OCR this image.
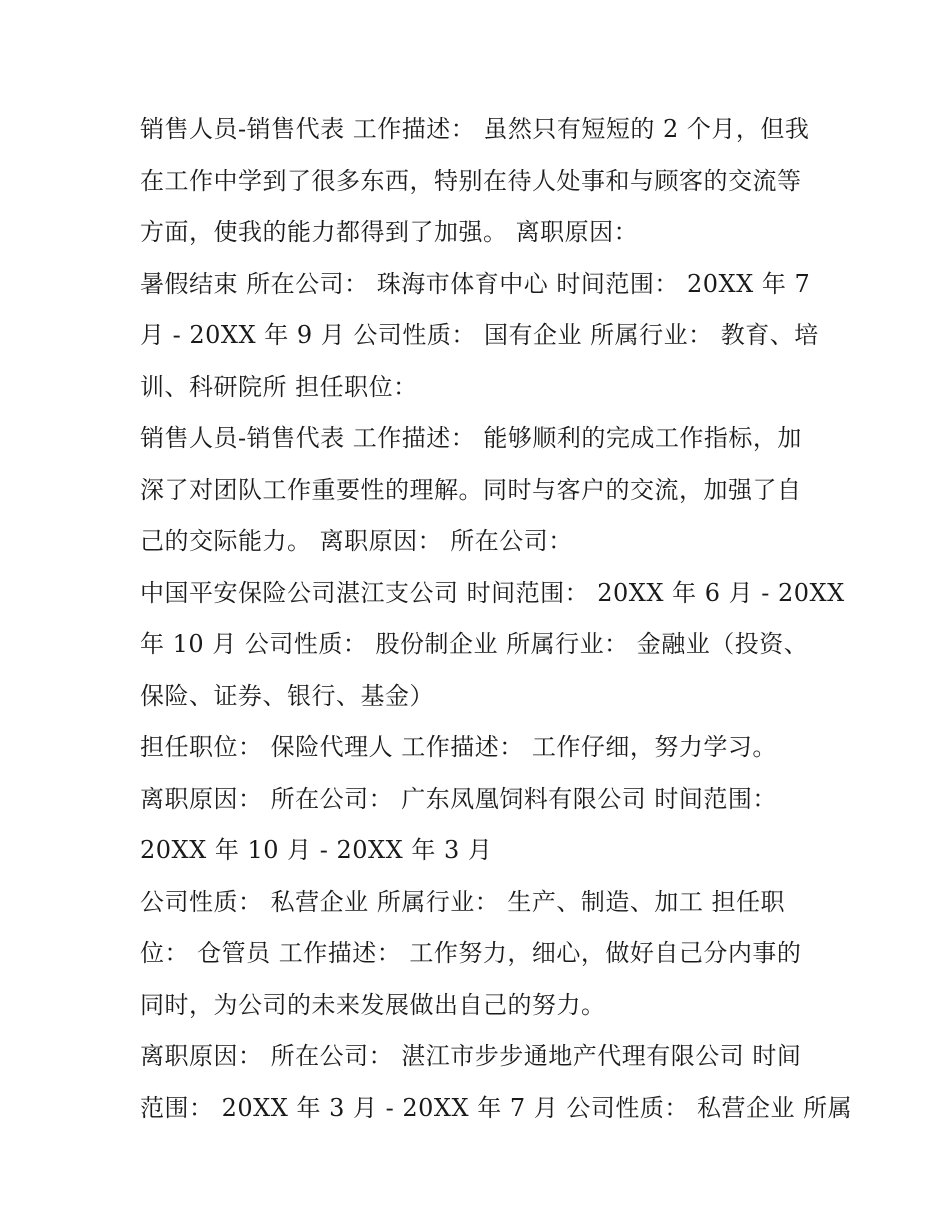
销售人员-销售代表 工作描述： 虽然只有短短的 2 个月，但我
在工作中学到了很多东西，特别在待人处事和与顾客的交流等
方面，使我的能力都得到了加强。 离职原因：
暑假结束 所在公司： 珠海市体育中心 时间范围： 20XX 年 7
月 - 20XX 年 9 月 公司性质： 国有企业 所属行业： 教育、培
训、科研院所 担任职位：
销售人员-销售代表 工作描述： 能够顺利的完成工作指标，加
深了对团队工作重要性的理解。同时与客户的交流，加强了自
己的交际能力。 离职原因： 所在公司：
中国平安保险公司湛江支公司 时间范围： 20XX 年 6 月 - 20XX
年 10 月 公司性质： 股份制企业 所属行业： 金融业（投资、
保险、证券、银行、基金）
担任职位： 保险代理人 工作描述： 工作仔细，努力学习。
离职原因： 所在公司： 广东凤凰饲料有限公司 时间范围：
20XX 年 10 月 - 20XX 年 3 月
公司性质： 私营企业 所属行业： 生产、制造、加工 担任职
位： 仓管员 工作描述： 工作努力，细心，做好自己分内事的
同时，为公司的未来发展做出自己的努力。
离职原因： 所在公司： 湛江市步步通地产代理有限公司 时间
范围： 20XX 年 3 月 - 20XX 年 7 月 公司性质： 私营企业 所属
